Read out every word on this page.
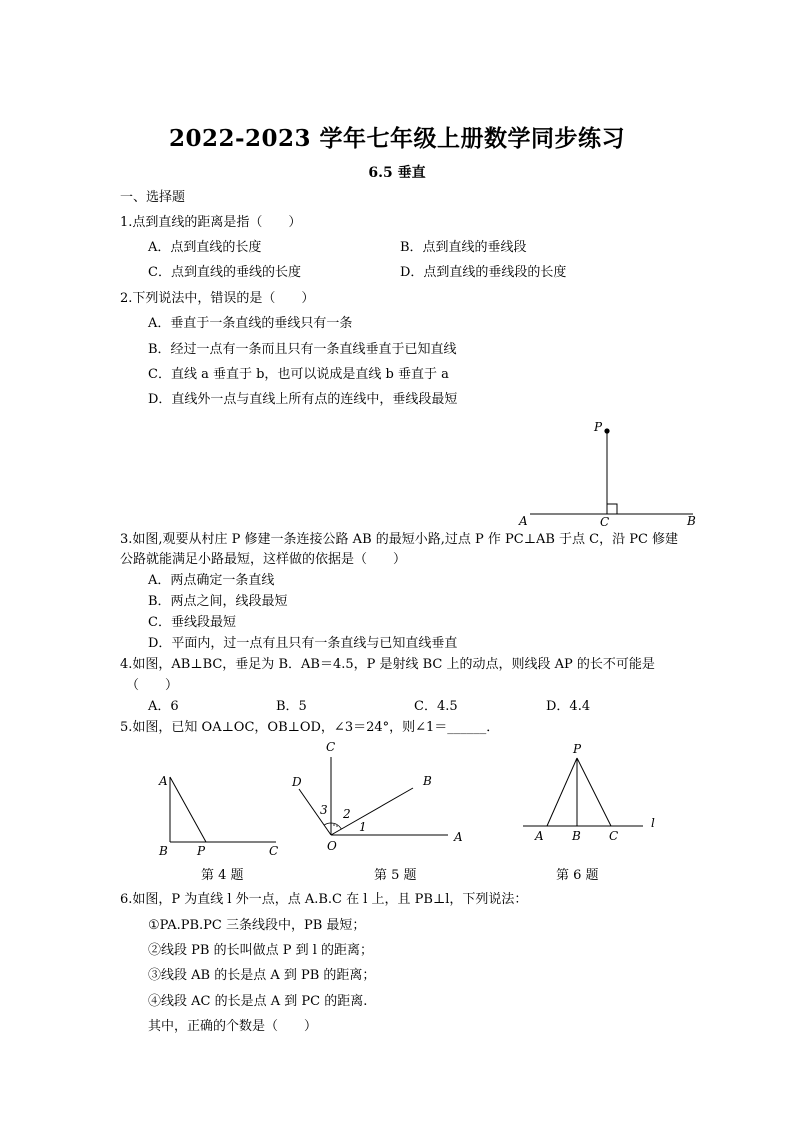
2022-2023 学年七年级上册数学同步练习
6.5 垂直
一、选择题
1.点到直线的距离是指（　　）
A．点到直线的长度	B．点到直线的垂线段
C．点到直线的垂线的长度	D．点到直线的垂线段的长度
2.下列说法中，错误的是（　　）
A．垂直于一条直线的垂线只有一条
B．经过一点有一条而且只有一条直线垂直于已知直线
C．直线 a 垂直于 b，也可以说成是直线 b 垂直于 a
D．直线外一点与直线上所有点的连线中，垂线段最短
P
A	C	B
3.如图,观要从村庄 P 修建一条连接公路 AB 的最短小路,过点 P 作 PC⊥AB 于点 C，沿 PC 修建公路就能满足小路最短，这样做的依据是（　　）
A．两点确定一条直线
B．两点之间，线段最短
C．垂线段最短
D．平面内，过一点有且只有一条直线与已知直线垂直
4.如图，AB⊥BC，垂足为 B．AB＝4.5，P 是射线 BC 上的动点，则线段 AP 的长不可能是
（　　）
A．6	B．5	C．4.5	D．4.4
5.如图，已知 OA⊥OC，OB⊥OD，∠3＝24°，则∠1＝______．
A
B P	C
第 4 题
C
D	B
O
A
1
2
3
第 5 题
P
A B C
l
第 6 题
6.如图，P 为直线 l 外一点，点 A.B.C 在 l 上，且 PB⊥l，下列说法：
①PA.PB.PC 三条线段中，PB 最短；
②线段 PB 的长叫做点 P 到 l 的距离；
③线段 AB 的长是点 A 到 PB 的距离；
④线段 AC 的长是点 A 到 PC 的距离.
其中，正确的个数是（　　）
